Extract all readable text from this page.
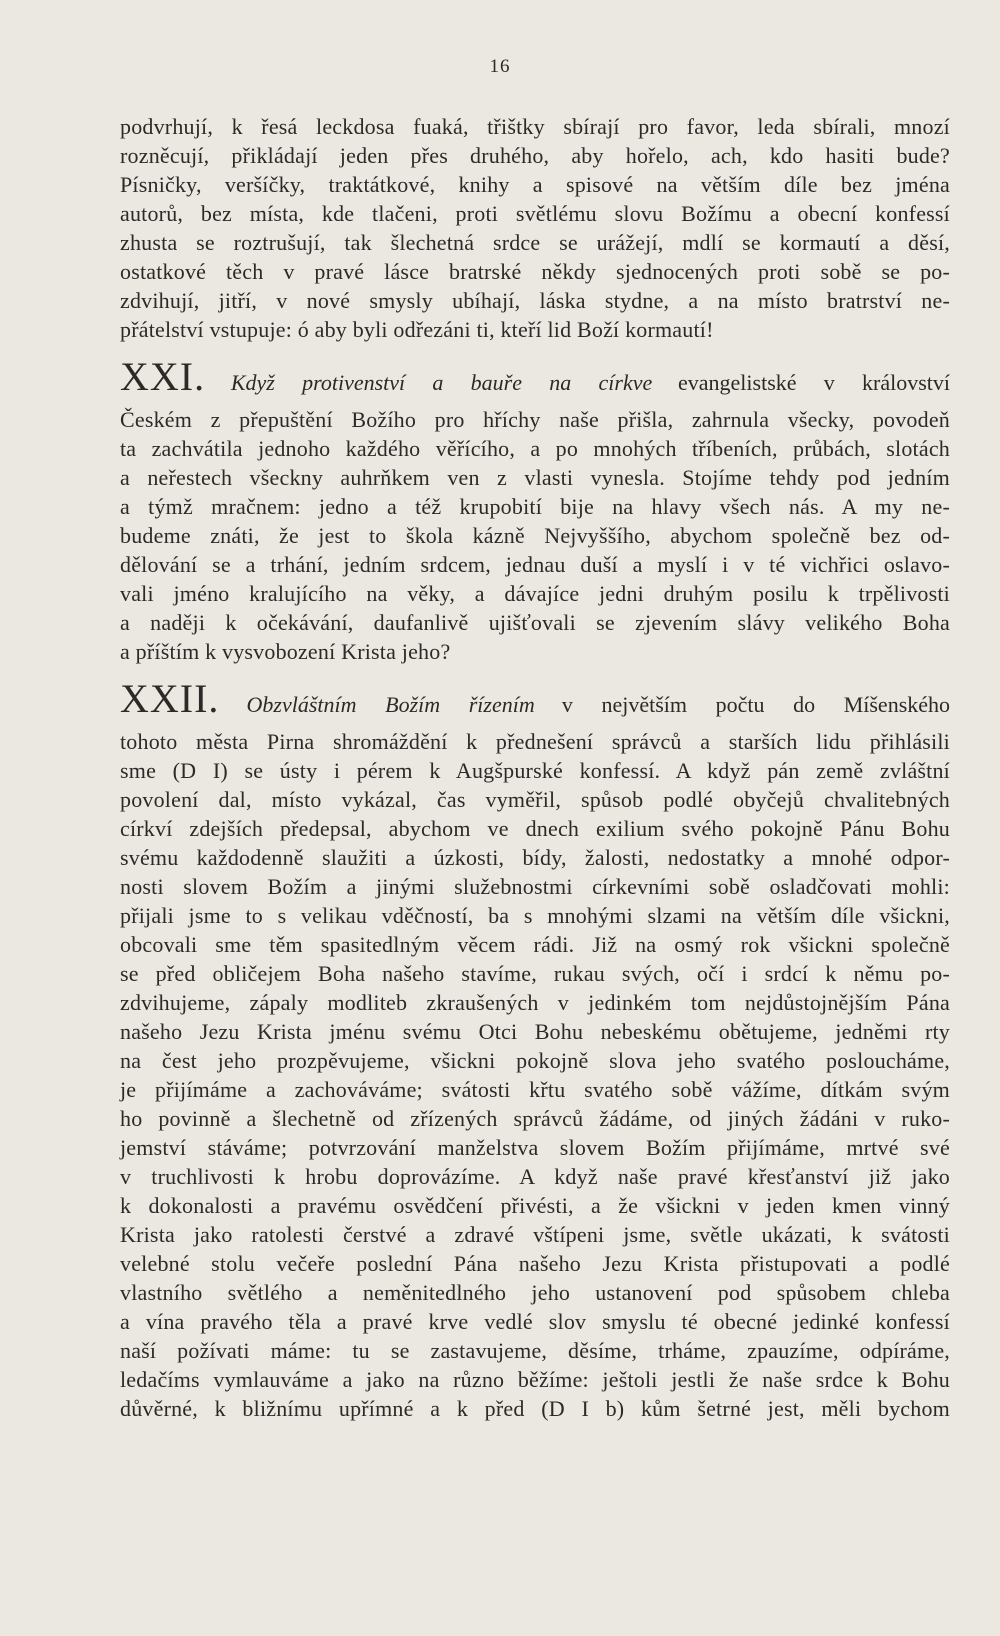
16
podvrhují, k řesá leckdosa fuaká, třištky sbírají pro favor, leda sbírali, mnozí
rozněcují, přikládají jeden přes druhého, aby hořelo, ach, kdo hasiti bude?
Písničky, veršíčky, traktátkové, knihy a spisové na větším díle bez jména
autorů, bez místa, kde tlačeni, proti světlému slovu Božímu a obecní konfessí
zhusta se roztrušují, tak šlechetná srdce se urážejí, mdlí se kormautí a děsí,
ostatkové těch v pravé lásce bratrské někdy sjednocených proti sobě se po-
zdvihují, jitří, v nové smysly ubíhají, láska stydne, a na místo bratrství ne-
přátelství vstupuje: ó aby byli odřezáni ti, kteří lid Boží kormautí!
XXI. Když protivenství a bauře na církve evangelistské v království
Českém z přepuštění Božího pro hříchy naše přišla, zahrnula všecky, povodeň
ta zachvátila jednoho každého věřícího, a po mnohých tříbeních, průbách, slotách
a neřestech všeckny auhrňkem ven z vlasti vynesla. Stojíme tehdy pod jedním
a týmž mračnem: jedno a též krupobití bije na hlavy všech nás. A my ne-
budeme znáti, že jest to škola kázně Nejvyššího, abychom společně bez od-
dělování se a trhání, jedním srdcem, jednau duší a myslí i v té vichřici oslavo-
vali jméno kralujícího na věky, a dávajíce jedni druhým posilu k trpělivosti
a naději k očekávání, daufanlivě ujišťovali se zjevením slávy velikého Boha
a příštím k vysvobození Krista jeho?
XXII. Obzvláštním Božím řízením v největším počtu do Míšenského
tohoto města Pirna shromáždění k přednešení správců a starších lidu přihlásili
sme (D I) se ústy i pérem k Augšpurské konfessí. A když pán země zvláštní
povolení dal, místo vykázal, čas vyměřil, spůsob podlé obyčejů chvalitebných
církví zdejších předepsal, abychom ve dnech exilium svého pokojně Pánu Bohu
svému každodenně slaužiti a úzkosti, bídy, žalosti, nedostatky a mnohé odpor-
nosti slovem Božím a jinými služebnostmi církevními sobě osladčovati mohli:
přijali jsme to s velikau vděčností, ba s mnohými slzami na větším díle všickni,
obcovali sme těm spasitedlným věcem rádi. Již na osmý rok všickni společně
se před obličejem Boha našeho stavíme, rukau svých, očí i srdcí k němu po-
zdvihujeme, zápaly modliteb zkraušených v jedinkém tom nejdůstojnějším Pána
našeho Jezu Krista jménu svému Otci Bohu nebeskému obětujeme, jedněmi rty
na čest jeho prozpěvujeme, všickni pokojně slova jeho svatého posloucháme,
je přijímáme a zachováváme; svátosti křtu svatého sobě vážíme, dítkám svým
ho povinně a šlechetně od zřízených správců žádáme, od jiných žádáni v ruko-
jemství stáváme; potvrzování manželstva slovem Božím přijímáme, mrtvé své
v truchlivosti k hrobu doprovázíme. A když naše pravé křesťanství již jako
k dokonalosti a pravému osvědčení přivésti, a že všickni v jeden kmen vinný
Krista jako ratolesti čerstvé a zdravé vštípeni jsme, světle ukázati, k svátosti
velebné stolu večeře poslední Pána našeho Jezu Krista přistupovati a podlé
vlastního světlého a neměnitedlného jeho ustanovení pod spůsobem chleba
a vína pravého těla a pravé krve vedlé slov smyslu té obecné jedinké konfessí
naší požívati máme: tu se zastavujeme, děsíme, trháme, zpauzíme, odpíráme,
ledačíms vymlauváme a jako na různo běžíme: ještoli jestli že naše srdce k Bohu
důvěrné, k bližnímu upřímné a k před (D I b) kům šetrné jest, měli bychom
